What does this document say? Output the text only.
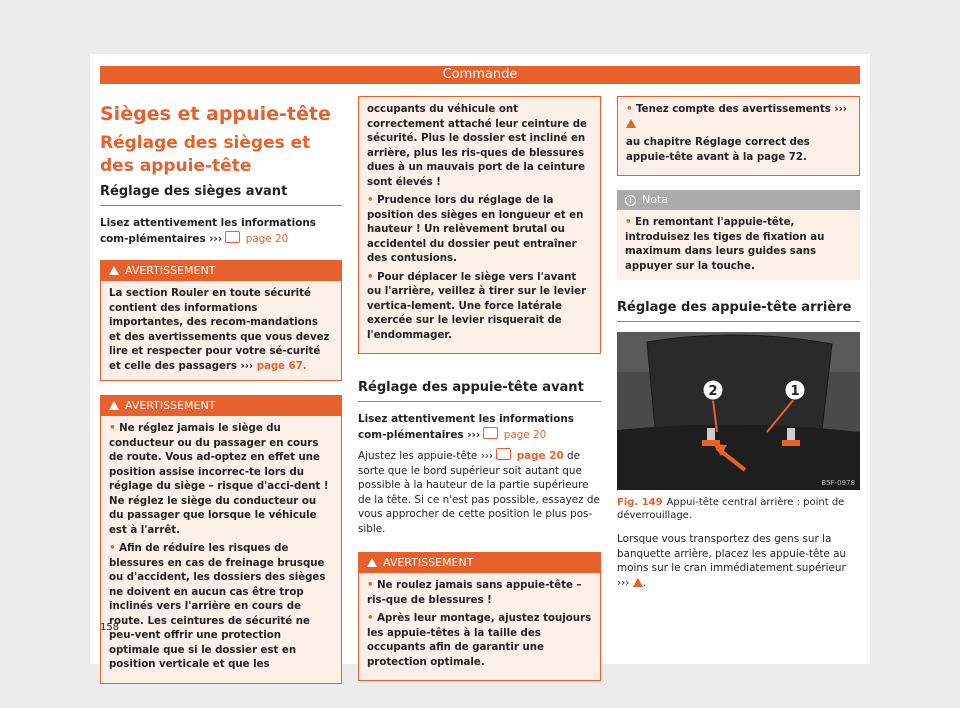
Commande
Sièges et appuie-tête
Réglage des sièges et des appuie-tête
Réglage des sièges avant

Lisez attentivement les informations com-plémentaires ››› page 20

AVERTISSEMENT
La section Rouler en toute sécurité contient des informations importantes, des recom-mandations et des avertissements que vous devez lire et respecter pour votre sé-curité et celle des passagers ››› page 67.
AVERTISSEMENT
• Ne réglez jamais le siège du conducteur ou du passager en cours de route. Vous ad-optez en effet une position assise incorrec-te lors du réglage du siège – risque d'acci-dent ! Ne réglez le siège du conducteur ou du passager que lorsque le véhicule est à l'arrêt.
• Afin de réduire les risques de blessures en cas de freinage brusque ou d'accident, les dossiers des sièges ne doivent en aucun cas être trop inclinés vers l'arrière en cours de route. Les ceintures de sécurité ne peu-vent offrir une protection optimale que si le dossier est en position verticale et que les
occupants du véhicule ont correctement attaché leur ceinture de sécurité. Plus le dossier est incliné en arrière, plus les ris-ques de blessures dues à un mauvais port de la ceinture sont élevés !
• Prudence lors du réglage de la position des sièges en longueur et en hauteur ! Un relèvement brutal ou accidentel du dossier peut entraîner des contusions.
• Pour déplacer le siège vers l'avant ou l'arrière, veillez à tirer sur le levier vertica-lement. Une force latérale exercée sur le levier risquerait de l'endommager.
Réglage des appuie-tête avant

Lisez attentivement les informations com-plémentaires ››› page 20

Ajustez les appuie-tête ››› page 20 de sorte que le bord supérieur soit autant que possible à la hauteur de la partie supérieure de la tête. Si ce n'est pas possible, essayez de vous approcher de cette position le plus pos-sible.

AVERTISSEMENT
• Ne roulez jamais sans appuie-tête – ris-que de blessures !
• Après leur montage, ajustez toujours les appuie-têtes à la taille des occupants afin de garantir une protection optimale.
• Tenez compte des avertissements ›››
au chapitre Réglage correct des appuie-tête avant à la page 72.
i Nota
• En remontant l'appuie-tête, introduisez les tiges de fixation au maximum dans leurs guides sans appuyer sur la touche.
Réglage des appuie-tête arrière
1
2
B5F-0978
Fig. 149 Appui-tête central arrière : point de déverrouillage.

Lorsque vous transportez des gens sur la banquette arrière, placez les appuie-tête au moins sur le cran immédiatement supérieur ››› .

158
